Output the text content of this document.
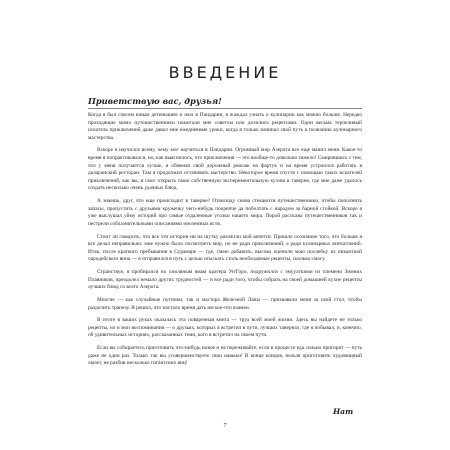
ВВЕДЕНИЕ
Приветствую вас, друзья!

Когда я был совсем юным детенышем и жил в Пандарии, я жаждал узнать о кулинарии как можно больше. Нередко проходящие мимо путешественники помогали мне советом или делились рецептами. Один весьма терпеливый искатель приключений даже давал мне ежедневные уроки, когда я только начинал свой путь к познанию кулинарного мастерства.

Вскоре я научился всему, чему мог научиться в Пандарии. Огромный мир Азерота все еще манил меня. Какое-то время я попрактиковался, но, как выяснилось, что приключения — это вообще-то довольно тяжело! Смирившись с тем, что у меня получается лучше, я обменял свой дорожный рюкзак на фартук и на время устроился работать в даларанский ресторан. Там я продолжил оттачивать мастерство. Некоторое время спустя с помощью таких искателей приключений, как вы, я смог открыть свою собственную экспериментальную кухню в таверне, где мне даже удалось создать несколько очень удачных блюд.

А знаешь, друг, что еще происходит в таверне? Отовсюду снова стекаются путешественники, чтобы пополнить запасы, пропустить с друзьями кружечку чего-нибудь покрепче да поболтать с народом за барной стойкой. Вскоре я уже выслушал уйму историй про самые отдаленные уголки нашего мира. Порой рассказы путешественников так и пестрели соблазнительными описаниями иноземных яств.

Стоит ли говорить, что все эти истории ни на шутку разожгли мой аппетит. Пришло осознание того, что больше я все делал неправильно: мне нужно было посмотреть мир, но не ради приключений, а ради кулинарных впечатлений. Итак, после краткого пребывания в Сурамаре — где, смею добавить, высоко оценили мою похлебку из пикантной чародейского вина — я отправился в путь с целью отыскать столь необходимые рецепты, сколько смогу.

Странствуя, я пробирался по смоляным ямам кратера Ун'Горо, подружился с эмуулгкими из племени Зимних Плавников, преодолел немало других трудностей — и все ради того, чтобы собрать на своей домашней кухне рецепты лучших блюд со всего Азерота.

Многие — как случайные путники, так и мастера Железной Лапы — признавали меня за свой стол, чтобы разделить трапезу. Я решил, что настало время дать им кое-что взамен.

В итоге в ваших руках оказалась эта поваренная книга — труд всей моей жизни. Здесь вы найдете не только рецепты, но и мои воспоминания — о друзьях, которых я встретил в пути, лучших тавернах, где я побывал, и, конечно, об удивительных историях, рассказанных теми, кого я встретил на своем пути.

Если вы собираетесь приготовить что-нибудь новое и не переживайте, если в процессе еда сильно пригорит — путь даже не один раз. Только так вы усовершенствуете свои навыки! В конце концов, нельзя приготовить чудовищный омлет, не разбив несколько гигантских яиц!

Нат
7
